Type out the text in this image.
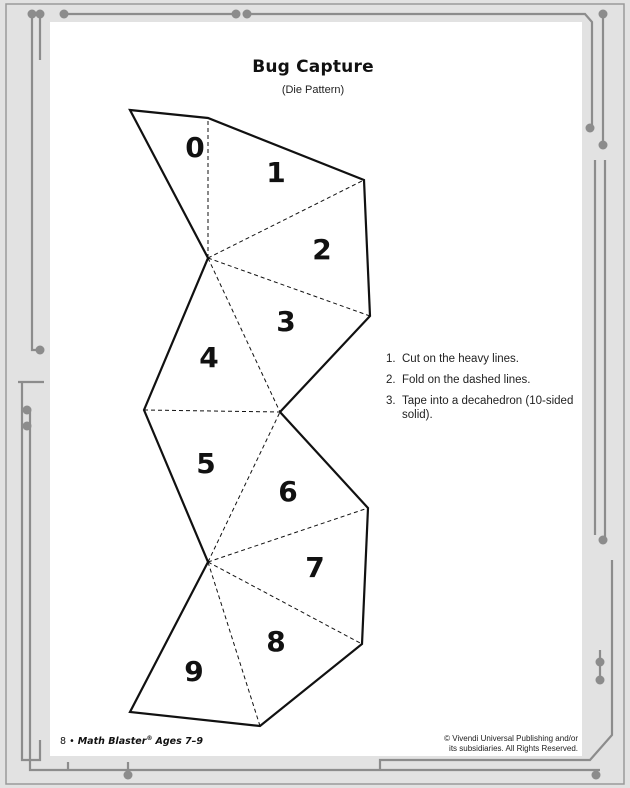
Bug Capture
(Die Pattern)
0
1
2
3
4
5
6
7
8
9
1. Cut on the heavy lines.
2. Fold on the dashed lines.
3. Tape into a decahedron (10-sided solid).
8 • Math Blaster® Ages 7–9	© Vivendi Universal Publishing and/or
its subsidiaries. All Rights Reserved.
